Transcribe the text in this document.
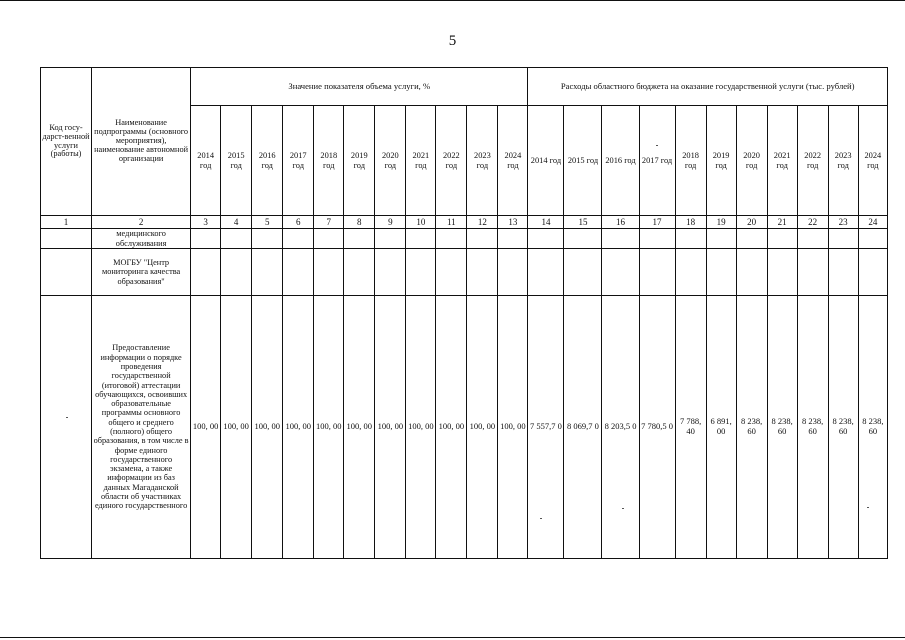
5
Код госу-дарст-венной услуги (работы)	Наименование подпрограммы (основного мероприятия), наименование автономной организации	Значение показателя объема услуги, %											Расходы областного бюджета на оказание государственной услуги (тыс. рублей)										
		2014 год	2015 год	2016 год	2017 год	2018 год	2019 год	2020 год	2021 год	2022 год	2023 год	2024 год	2014 год	2015 год	2016 год	2017 год	2018 год	2019 год	2020 год	2021 год	2022 год	2023 год	2024 год
1	2	3	4	5	6	7	8	9	10	11	12	13	14	15	16	17	18	19	20	21	22	23	24
	медицинского обслуживания																						
	МОГБУ "Центр мониторинга качества образования"																						
	Предоставление информации о порядке проведения государственной (итоговой) аттестации обучающихся, освоивших образовательные программы основного общего и среднего (полного) общего образования, в том числе в форме единого государственного экзамена, а также информации из баз данных Магаданской области об участниках единого государственного	100, 00	100, 00	100, 00	100, 00	100, 00	100, 00	100, 00	100, 00	100, 00	100, 00	100, 00	7 557,7 0	8 069,7 0	8 203,5 0	7 780,5 0	7 788, 40	6 891, 00	8 238, 60	8 238, 60	8 238, 60	8 238, 60	8 238, 60
